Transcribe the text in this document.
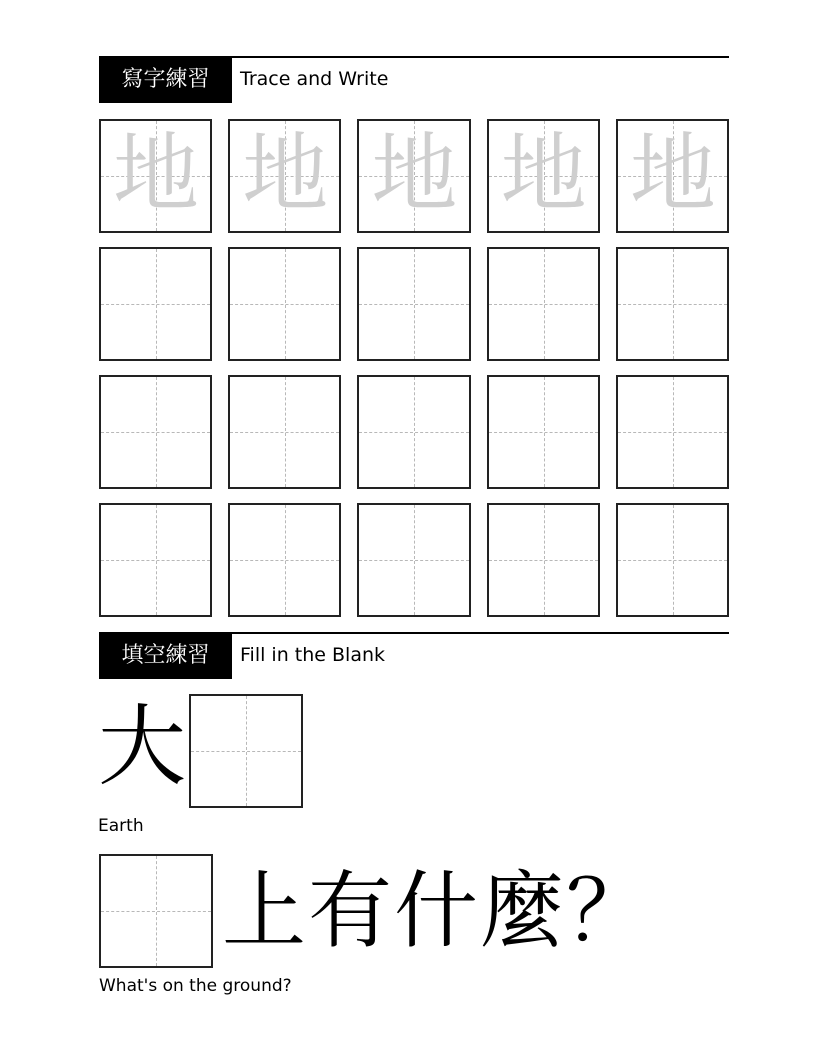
寫字練習	Trace and Write
地 地 地 地 地
填空練習	Fill in the Blank
大
Earth
上有什麼？
What's on the ground?
